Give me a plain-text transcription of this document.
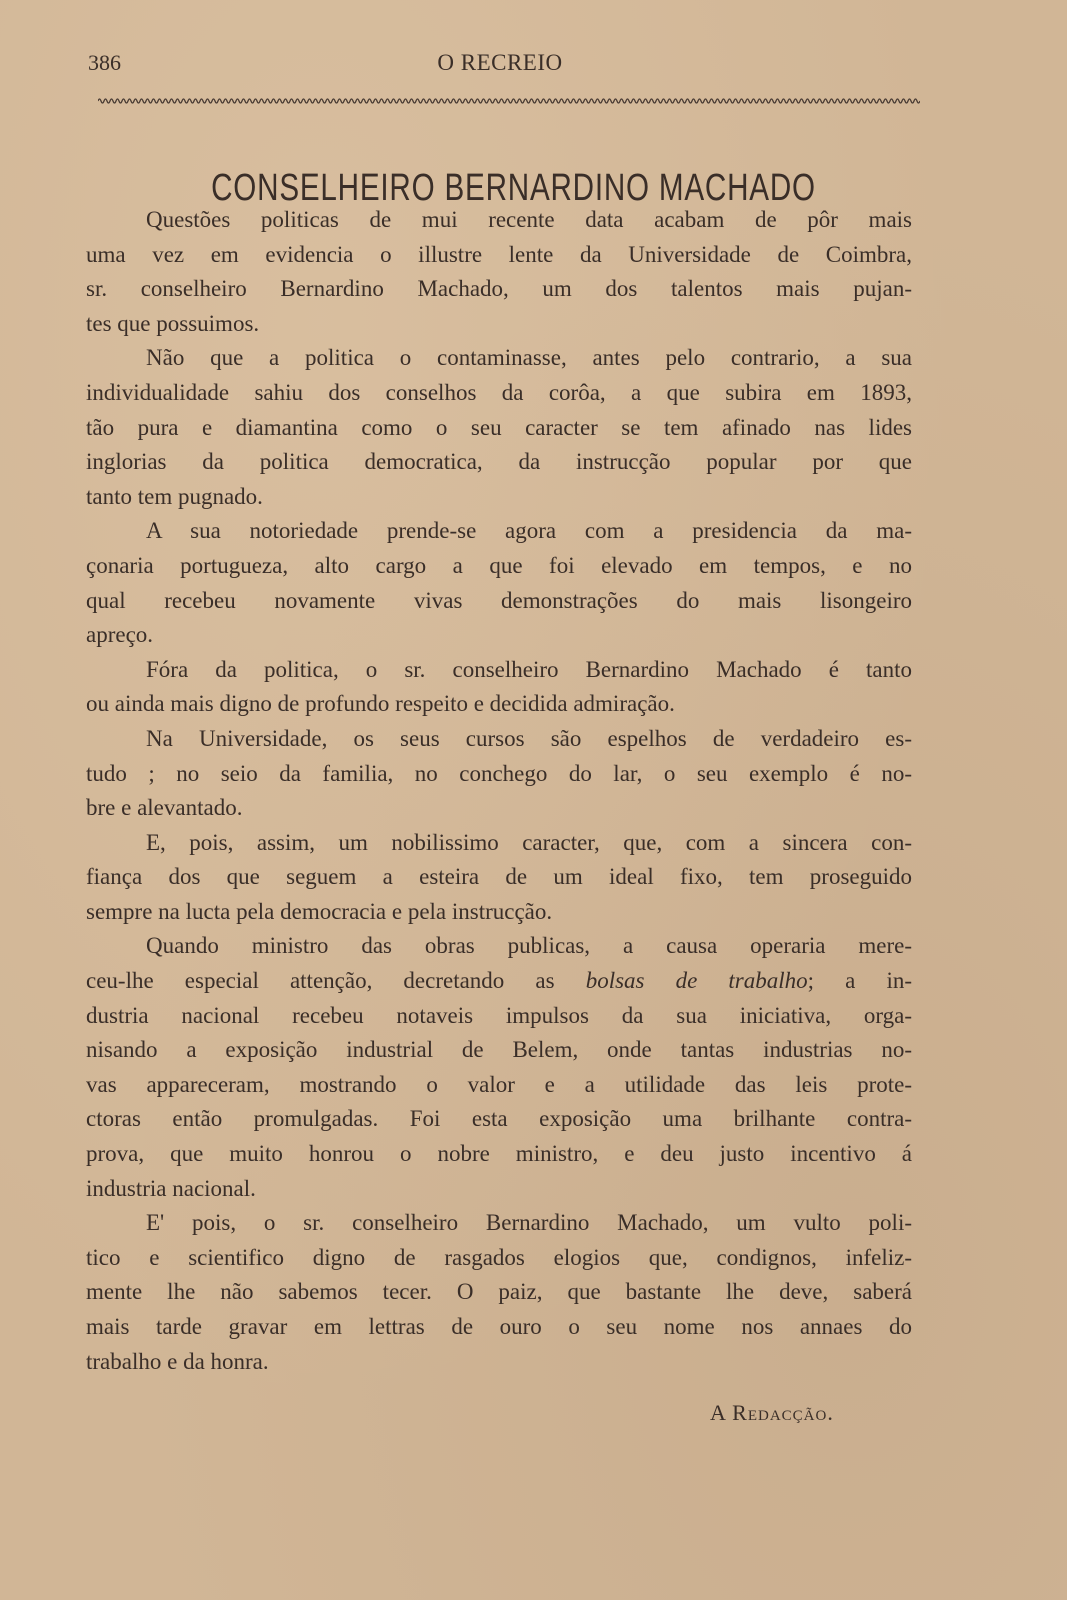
386	O RECREIO
CONSELHEIRO BERNARDINO MACHADO
Questões politicas de mui recente data acabam de pôr mais
uma vez em evidencia o illustre lente da Universidade de Coimbra,
sr. conselheiro Bernardino Machado, um dos talentos mais pujan-
tes que possuimos.
Não que a politica o contaminasse, antes pelo contrario, a sua
individualidade sahiu dos conselhos da corôa, a que subira em 1893,
tão pura e diamantina como o seu caracter se tem afinado nas lides
inglorias da politica democratica, da instrucção popular por que
tanto tem pugnado.
A sua notoriedade prende-se agora com a presidencia da ma-
çonaria portugueza, alto cargo a que foi elevado em tempos, e no
qual recebeu novamente vivas demonstrações do mais lisongeiro
apreço.
Fóra da politica, o sr. conselheiro Bernardino Machado é tanto
ou ainda mais digno de profundo respeito e decidida admiração.
Na Universidade, os seus cursos são espelhos de verdadeiro es-
tudo ; no seio da familia, no conchego do lar, o seu exemplo é no-
bre e alevantado.
E, pois, assim, um nobilissimo caracter, que, com a sincera con-
fiança dos que seguem a esteira de um ideal fixo, tem proseguido
sempre na lucta pela democracia e pela instrucção.
Quando ministro das obras publicas, a causa operaria mere-
ceu-lhe especial attenção, decretando as bolsas de trabalho; a in-
dustria nacional recebeu notaveis impulsos da sua iniciativa, orga-
nisando a exposição industrial de Belem, onde tantas industrias no-
vas appareceram, mostrando o valor e a utilidade das leis prote-
ctoras então promulgadas. Foi esta exposição uma brilhante contra-
prova, que muito honrou o nobre ministro, e deu justo incentivo á
industria nacional.
E' pois, o sr. conselheiro Bernardino Machado, um vulto poli-
tico e scientifico digno de rasgados elogios que, condignos, infeliz-
mente lhe não sabemos tecer. O paiz, que bastante lhe deve, saberá
mais tarde gravar em lettras de ouro o seu nome nos annaes do
trabalho e da honra.
A Redacção.
